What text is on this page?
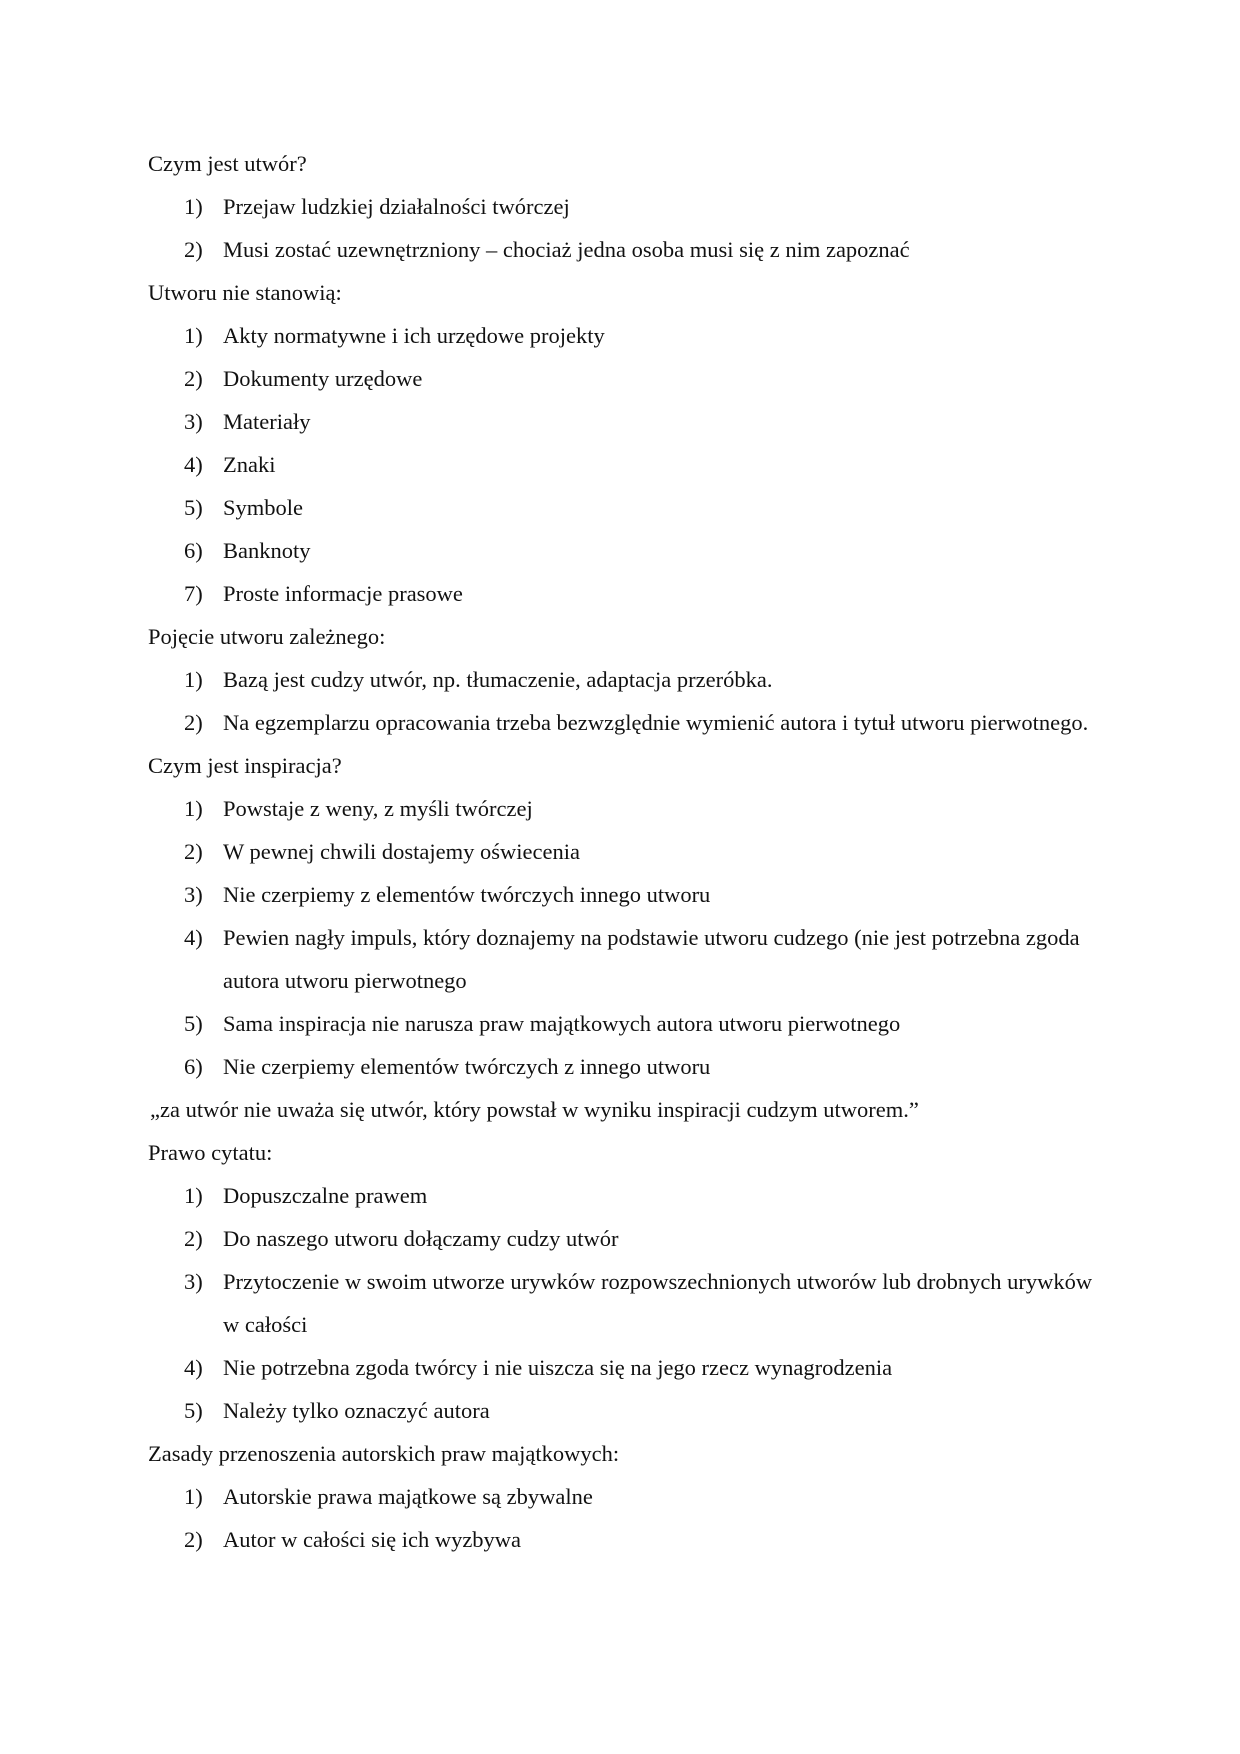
Czym jest utwór?

1) Przejaw ludzkiej działalności twórczej
2) Musi zostać uzewnętrzniony – chociaż jedna osoba musi się z nim zapoznać

Utworu nie stanowią:

1) Akty normatywne i ich urzędowe projekty
2) Dokumenty urzędowe
3) Materiały
4) Znaki
5) Symbole
6) Banknoty
7) Proste informacje prasowe

Pojęcie utworu zależnego:

1) Bazą jest cudzy utwór, np. tłumaczenie, adaptacja przeróbka.
2) Na egzemplarzu opracowania trzeba bezwzględnie wymienić autora i tytuł utworu pierwotnego.

Czym jest inspiracja?

1) Powstaje z weny, z myśli twórczej
2) W pewnej chwili dostajemy oświecenia
3) Nie czerpiemy z elementów twórczych innego utworu
4) Pewien nagły impuls, który doznajemy na podstawie utworu cudzego (nie jest potrzebna zgoda autora utworu pierwotnego
5) Sama inspiracja nie narusza praw majątkowych autora utworu pierwotnego
6) Nie czerpiemy elementów twórczych z innego utworu

„za utwór nie uważa się utwór, który powstał w wyniku inspiracji cudzym utworem.”

Prawo cytatu:

1) Dopuszczalne prawem
2) Do naszego utworu dołączamy cudzy utwór
3) Przytoczenie w swoim utworze urywków rozpowszechnionych utworów lub drobnych urywków w całości
4) Nie potrzebna zgoda twórcy i nie uiszcza się na jego rzecz wynagrodzenia
5) Należy tylko oznaczyć autora

Zasady przenoszenia autorskich praw majątkowych:

1) Autorskie prawa majątkowe są zbywalne
2) Autor w całości się ich wyzbywa
